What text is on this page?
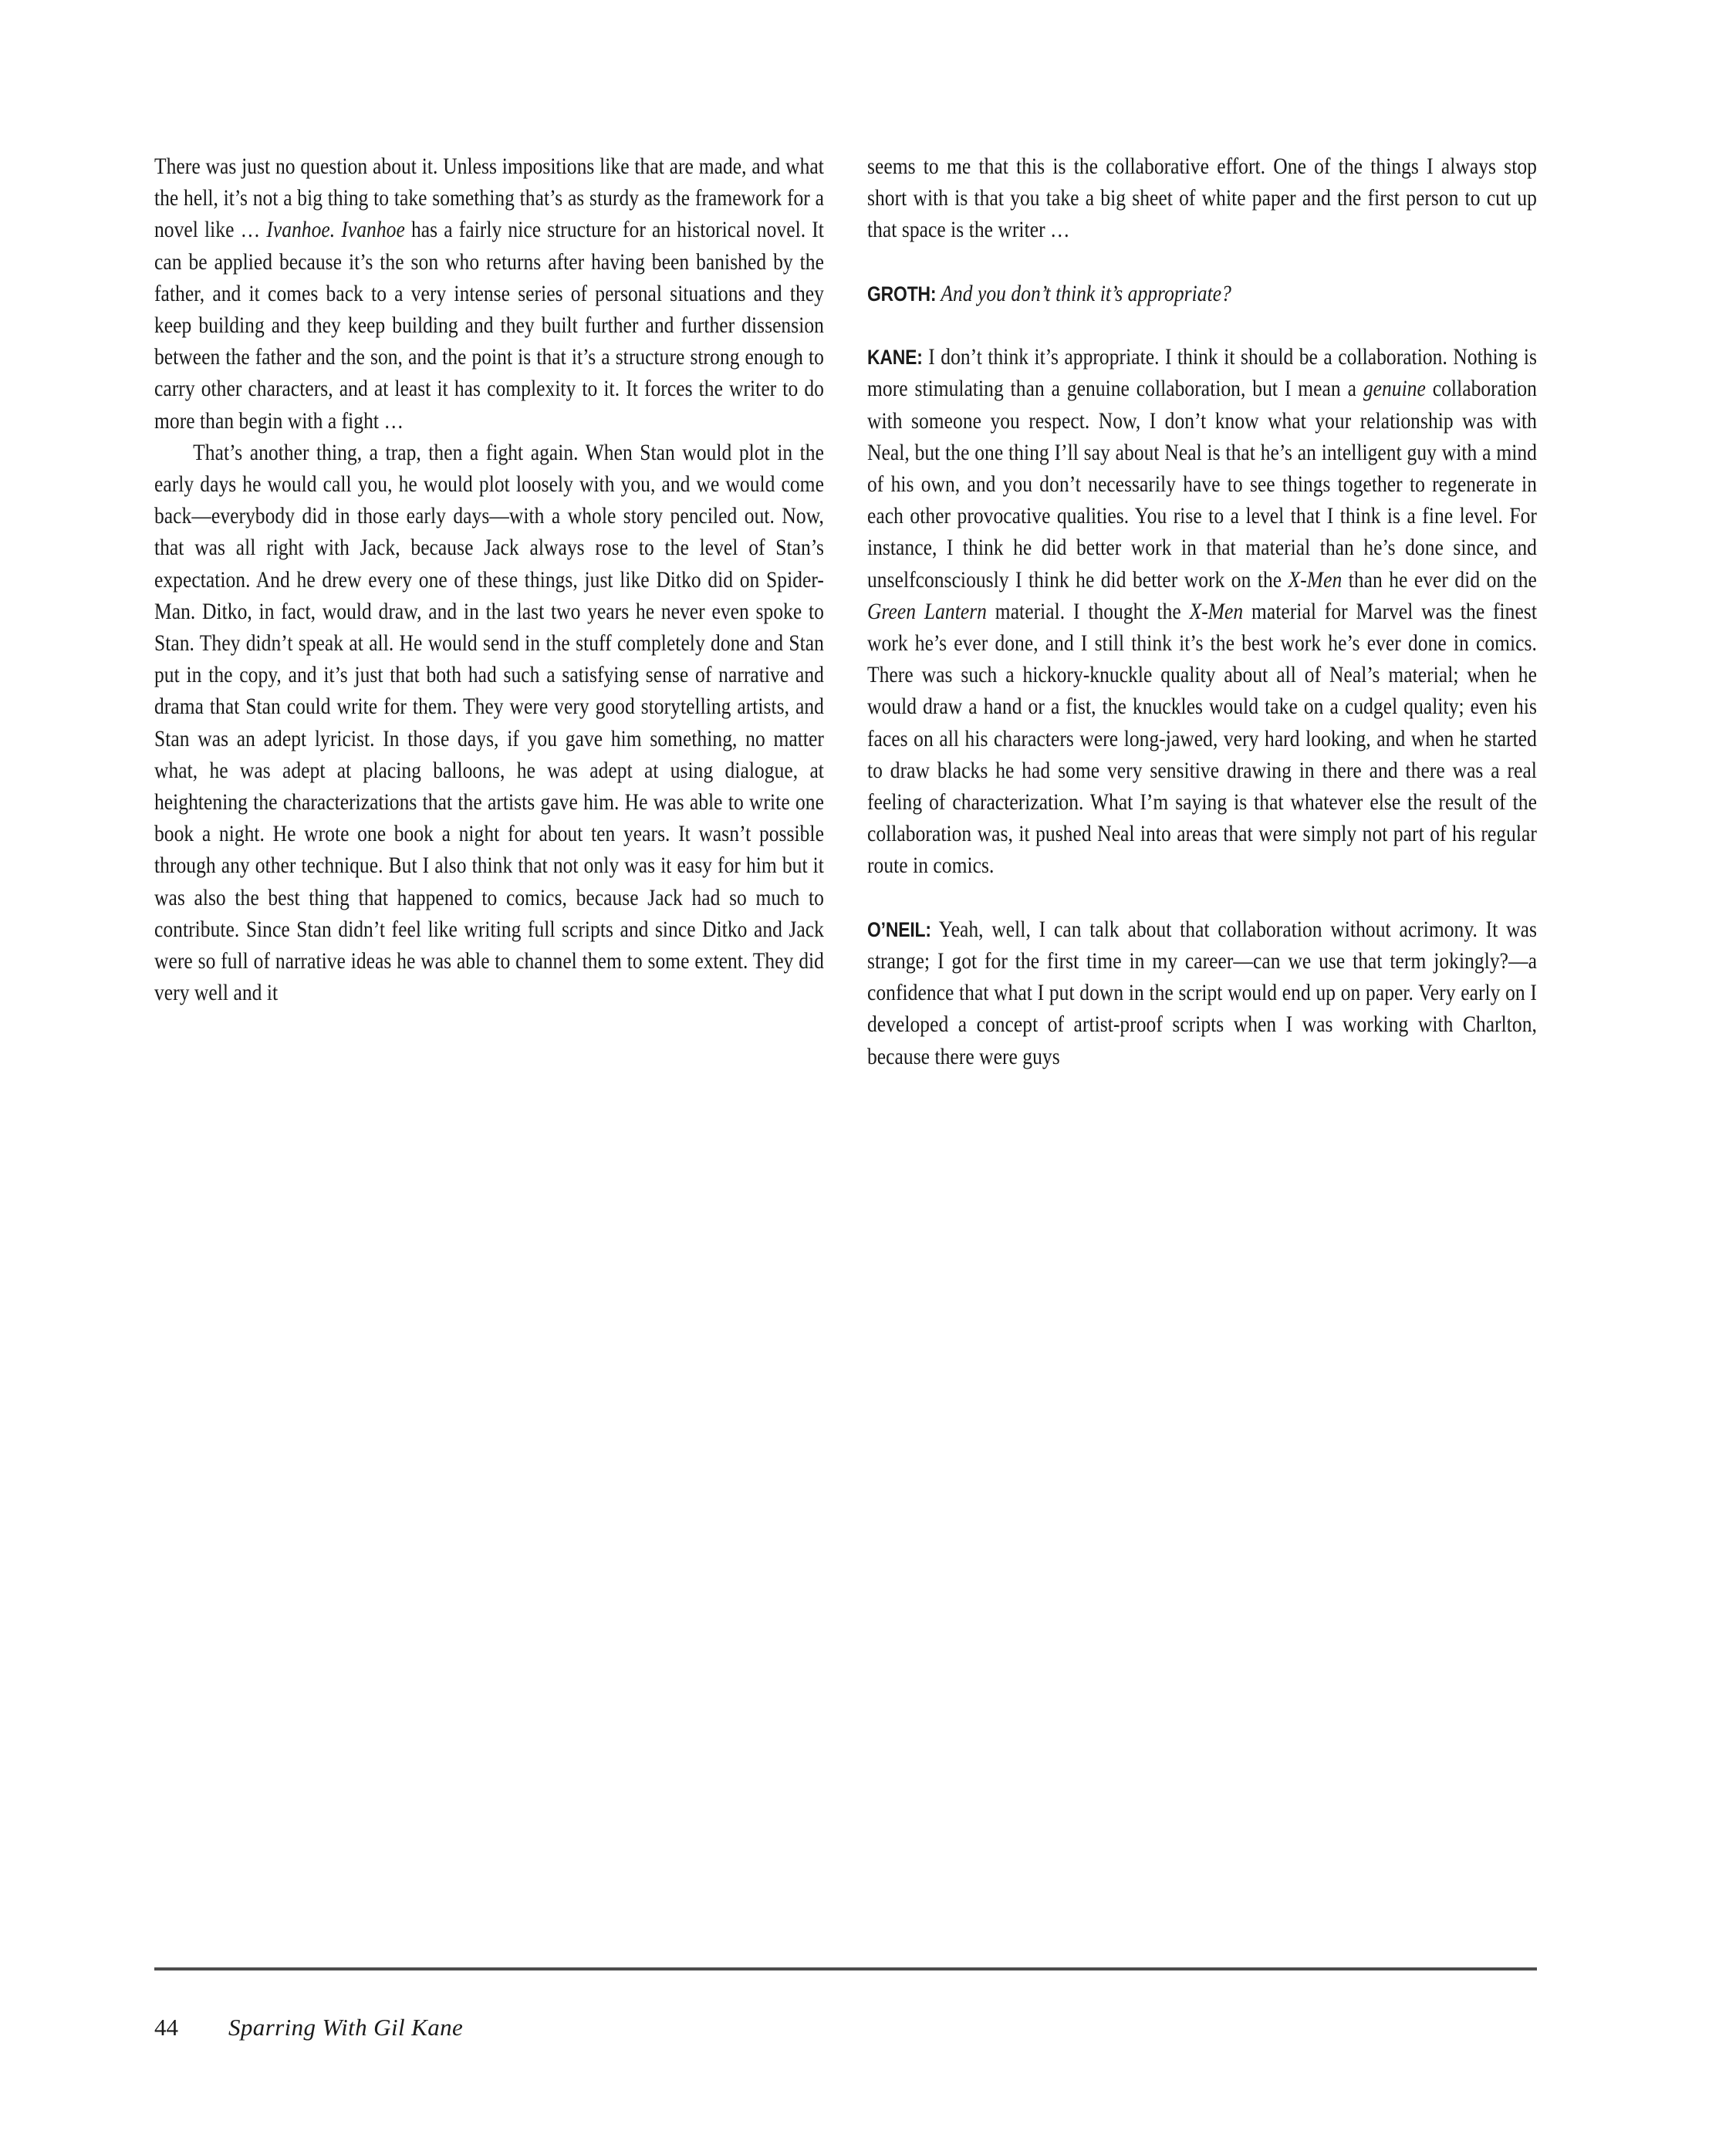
There was just no question about it. Unless impositions like that are made, and what the hell, it’s not a big thing to take something that’s as sturdy as the framework for a novel like … Ivanhoe. Ivanhoe has a fairly nice structure for an historical novel. It can be applied because it’s the son who returns after having been banished by the father, and it comes back to a very intense series of personal situations and they keep building and they keep building and they built further and further dissension between the father and the son, and the point is that it’s a structure strong enough to carry other characters, and at least it has complexity to it. It forces the writer to do more than begin with a fight …

That’s another thing, a trap, then a fight again. When Stan would plot in the early days he would call you, he would plot loosely with you, and we would come back—everybody did in those early days—with a whole story penciled out. Now, that was all right with Jack, because Jack always rose to the level of Stan’s expectation. And he drew every one of these things, just like Ditko did on Spider-Man. Ditko, in fact, would draw, and in the last two years he never even spoke to Stan. They didn’t speak at all. He would send in the stuff completely done and Stan put in the copy, and it’s just that both had such a satisfying sense of narrative and drama that Stan could write for them. They were very good storytelling artists, and Stan was an adept lyricist. In those days, if you gave him something, no matter what, he was adept at placing balloons, he was adept at using dialogue, at heightening the characterizations that the artists gave him. He was able to write one book a night. He wrote one book a night for about ten years. It wasn’t possible through any other technique. But I also think that not only was it easy for him but it was also the best thing that happened to comics, because Jack had so much to contribute. Since Stan didn’t feel like writing full scripts and since Ditko and Jack were so full of narrative ideas he was able to channel them to some extent. They did very well and it

seems to me that this is the collaborative effort. One of the things I always stop short with is that you take a big sheet of white paper and the first person to cut up that space is the writer …

GROTH: And you don’t think it’s appropriate?

KANE: I don’t think it’s appropriate. I think it should be a collaboration. Nothing is more stimulating than a genuine collaboration, but I mean a genuine collaboration with someone you respect. Now, I don’t know what your relationship was with Neal, but the one thing I’ll say about Neal is that he’s an intelligent guy with a mind of his own, and you don’t necessarily have to see things together to regenerate in each other provocative qualities. You rise to a level that I think is a fine level. For instance, I think he did better work in that material than he’s done since, and unselfconsciously I think he did better work on the X-Men than he ever did on the Green Lantern material. I thought the X-Men material for Marvel was the finest work he’s ever done, and I still think it’s the best work he’s ever done in comics. There was such a hickory-knuckle quality about all of Neal’s material; when he would draw a hand or a fist, the knuckles would take on a cudgel quality; even his faces on all his characters were long-jawed, very hard looking, and when he started to draw blacks he had some very sensitive drawing in there and there was a real feeling of characterization. What I’m saying is that whatever else the result of the collaboration was, it pushed Neal into areas that were simply not part of his regular route in comics.

O’NEIL: Yeah, well, I can talk about that collaboration without acrimony. It was strange; I got for the first time in my career—can we use that term jokingly?—a confidence that what I put down in the script would end up on paper. Very early on I developed a concept of artist-proof scripts when I was working with Charlton, because there were guys

44	Sparring With Gil Kane
